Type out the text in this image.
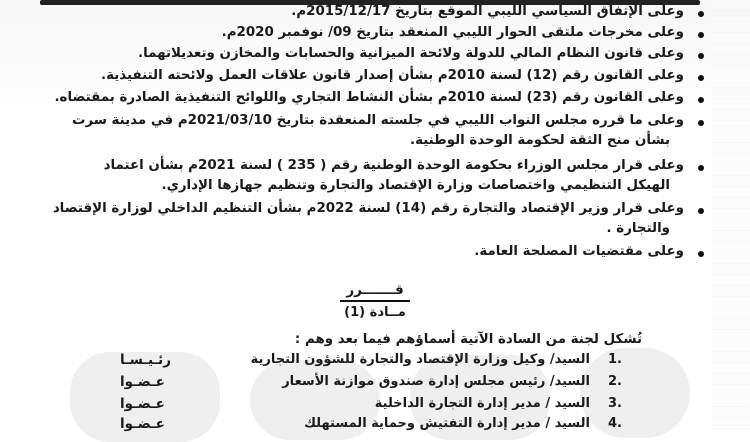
وعلى الإتفاق السياسي الليبي الموقع بتاريخ 2015/12/17م.
وعلى مخرجات ملتقى الحوار الليبي المنعقد بتاريخ 09/ نوفمبر 2020م.
وعلى قانون النظام المالي للدولة ولائحة الميزانية والحسابات والمخازن وتعديلاتهما.
وعلى القانون رقم (12) لسنة 2010م بشأن إصدار قانون علاقات العمل ولائحته التنفيذية.
وعلى القانون رقم (23) لسنة 2010م بشأن النشاط التجاري واللوائح التنفيذية الصادرة بمقتضاه.
وعلى ما قرره مجلس النواب الليبي في جلسته المنعقدة بتاريخ 2021/03/10م في مدينة سرت
بشأن منح الثقة لحكومة الوحدة الوطنية.
وعلى قرار مجلس الوزراء بحكومة الوحدة الوطنية رقم ( 235 ) لسنة 2021م بشأن اعتماد
الهيكل التنظيمي واختصاصات وزارة الإقتصاد والتجارة وتنظيم جهازها الإداري.
وعلى قرار وزير الإقتصاد والتجارة رقم (14) لسنة 2022م بشأن التنظيم الداخلي لوزارة الإقتصاد
والتجارة .
وعلى مقتضيات المصلحة العامة.
قـــــــرر
مــادة (1)
تُشكل لجنة من السادة الآتية أسماؤهم فيما بعد وهم :
1.
السيد/ وكيل وزارة الإقتصاد والتجارة للشؤون التجارية
رئـيـسـا
2.
السيد/ رئيس مجلس إدارة صندوق موازنة الأسعار
عـضـوا
3.
السيد / مدير إدارة التجارة الداخلية
عـضـوا
4.
السيد / مدير إدارة التفتيش وحماية المستهلك
عـضـوا
